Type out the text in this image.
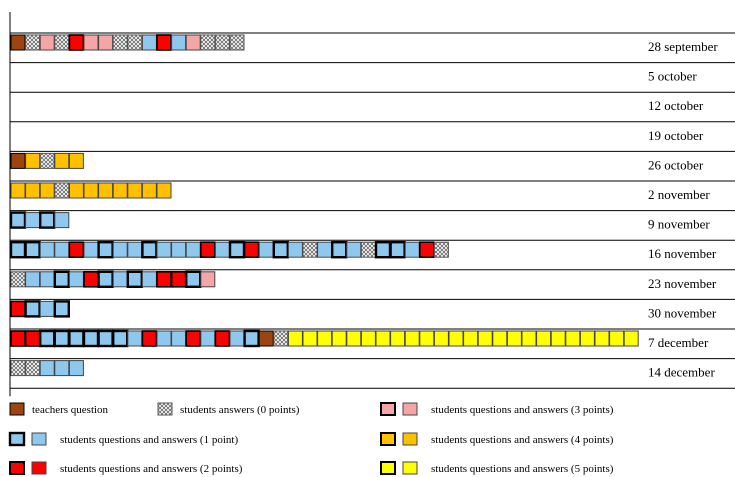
28 september
5 october
12 october
19 october
26 october
2 november
9 november
16 november
23 november
30 november
7 december
14 december
teachers question	students answers (0 points)	students questions and answers (3 points)
students questions and answers (1 point)	students questions and answers (4 points)
students questions and answers (2 points)	students questions and answers (5 points)
